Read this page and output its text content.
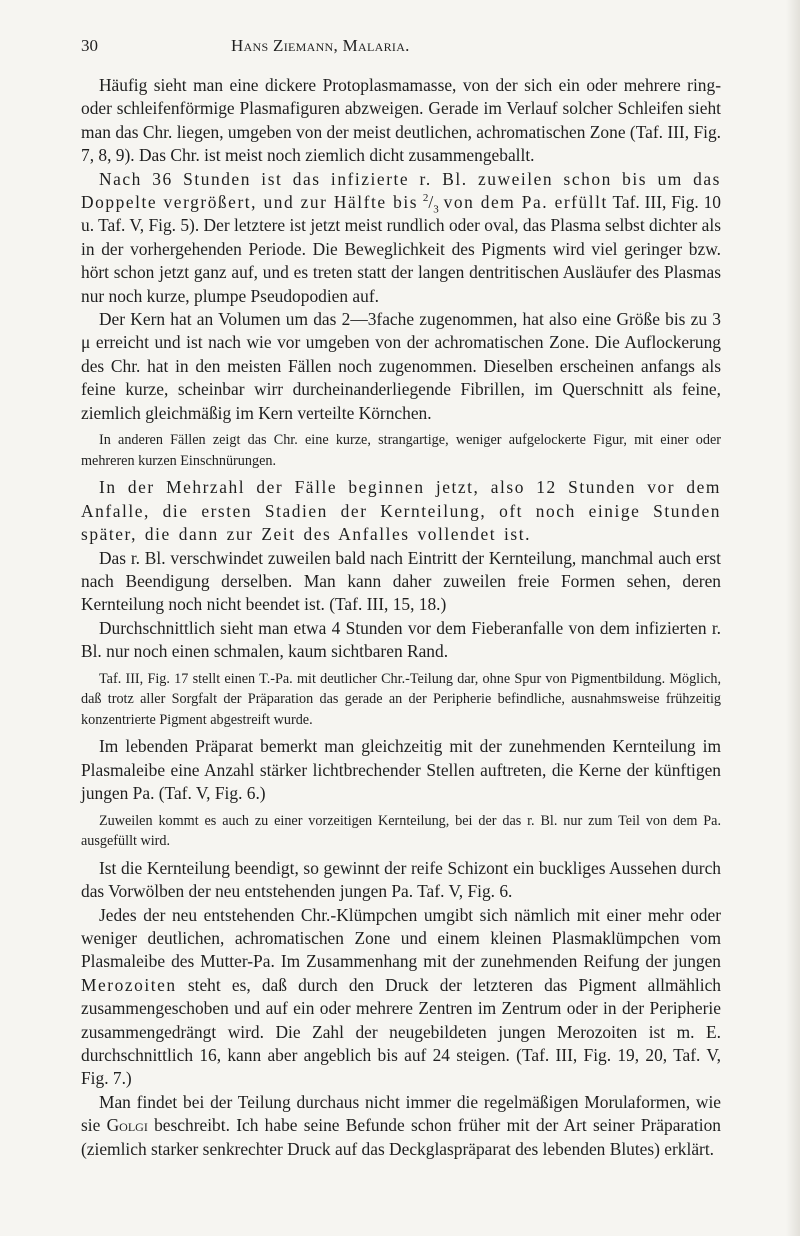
30	Hans Ziemann, Malaria.

Häufig sieht man eine dickere Protoplasmamasse, von der sich ein oder mehrere ring- oder schleifenförmige Plasmafiguren abzweigen. Gerade im Verlauf solcher Schleifen sieht man das Chr. liegen, umgeben von der meist deutlichen, achromatischen Zone (Taf. III, Fig. 7, 8, 9). Das Chr. ist meist noch ziemlich dicht zusammengeballt.

Nach 36 Stunden ist das infizierte r. Bl. zuweilen schon bis um das Doppelte vergrößert, und zur Hälfte bis $^2/_3$ von dem Pa. erfüllt Taf. III, Fig. 10 u. Taf. V, Fig. 5). Der letztere ist jetzt meist rundlich oder oval, das Plasma selbst dichter als in der vorhergehenden Periode. Die Beweglichkeit des Pigments wird viel geringer bzw. hört schon jetzt ganz auf, und es treten statt der langen dentritischen Ausläufer des Plasmas nur noch kurze, plumpe Pseudopodien auf.

Der Kern hat an Volumen um das 2—3fache zugenommen, hat also eine Größe bis zu 3 μ erreicht und ist nach wie vor umgeben von der achromatischen Zone. Die Auflockerung des Chr. hat in den meisten Fällen noch zugenommen. Dieselben erscheinen anfangs als feine kurze, scheinbar wirr durcheinanderliegende Fibrillen, im Querschnitt als feine, ziemlich gleichmäßig im Kern verteilte Körnchen.

In anderen Fällen zeigt das Chr. eine kurze, strangartige, weniger aufgelockerte Figur, mit einer oder mehreren kurzen Einschnürungen.

In der Mehrzahl der Fälle beginnen jetzt, also 12 Stunden vor dem Anfalle, die ersten Stadien der Kernteilung, oft noch einige Stunden später, die dann zur Zeit des Anfalles vollendet ist.

Das r. Bl. verschwindet zuweilen bald nach Eintritt der Kernteilung, manchmal auch erst nach Beendigung derselben. Man kann daher zuweilen freie Formen sehen, deren Kernteilung noch nicht beendet ist. (Taf. III, 15, 18.)

Durchschnittlich sieht man etwa 4 Stunden vor dem Fieberanfalle von dem infizierten r. Bl. nur noch einen schmalen, kaum sichtbaren Rand.

Taf. III, Fig. 17 stellt einen T.-Pa. mit deutlicher Chr.-Teilung dar, ohne Spur von Pigmentbildung. Möglich, daß trotz aller Sorgfalt der Präparation das gerade an der Peripherie befindliche, ausnahmsweise frühzeitig konzentrierte Pigment abgestreift wurde.

Im lebenden Präparat bemerkt man gleichzeitig mit der zunehmenden Kernteilung im Plasmaleibe eine Anzahl stärker lichtbrechender Stellen auftreten, die Kerne der künftigen jungen Pa. (Taf. V, Fig. 6.)

Zuweilen kommt es auch zu einer vorzeitigen Kernteilung, bei der das r. Bl. nur zum Teil von dem Pa. ausgefüllt wird.

Ist die Kernteilung beendigt, so gewinnt der reife Schizont ein buckliges Aussehen durch das Vorwölben der neu entstehenden jungen Pa. Taf. V, Fig. 6.

Jedes der neu entstehenden Chr.-Klümpchen umgibt sich nämlich mit einer mehr oder weniger deutlichen, achromatischen Zone und einem kleinen Plasmaklümpchen vom Plasmaleibe des Mutter-Pa. Im Zusammenhang mit der zunehmenden Reifung der jungen Merozoiten steht es, daß durch den Druck der letzteren das Pigment allmählich zusammengeschoben und auf ein oder mehrere Zentren im Zentrum oder in der Peripherie zusammengedrängt wird. Die Zahl der neugebildeten jungen Merozoiten ist m. E. durchschnittlich 16, kann aber angeblich bis auf 24 steigen. (Taf. III, Fig. 19, 20, Taf. V, Fig. 7.)

Man findet bei der Teilung durchaus nicht immer die regelmäßigen Morulaformen, wie sie Golgi beschreibt. Ich habe seine Befunde schon früher mit der Art seiner Präparation (ziemlich starker senkrechter Druck auf das Deckglaspräparat des lebenden Blutes) erklärt.
